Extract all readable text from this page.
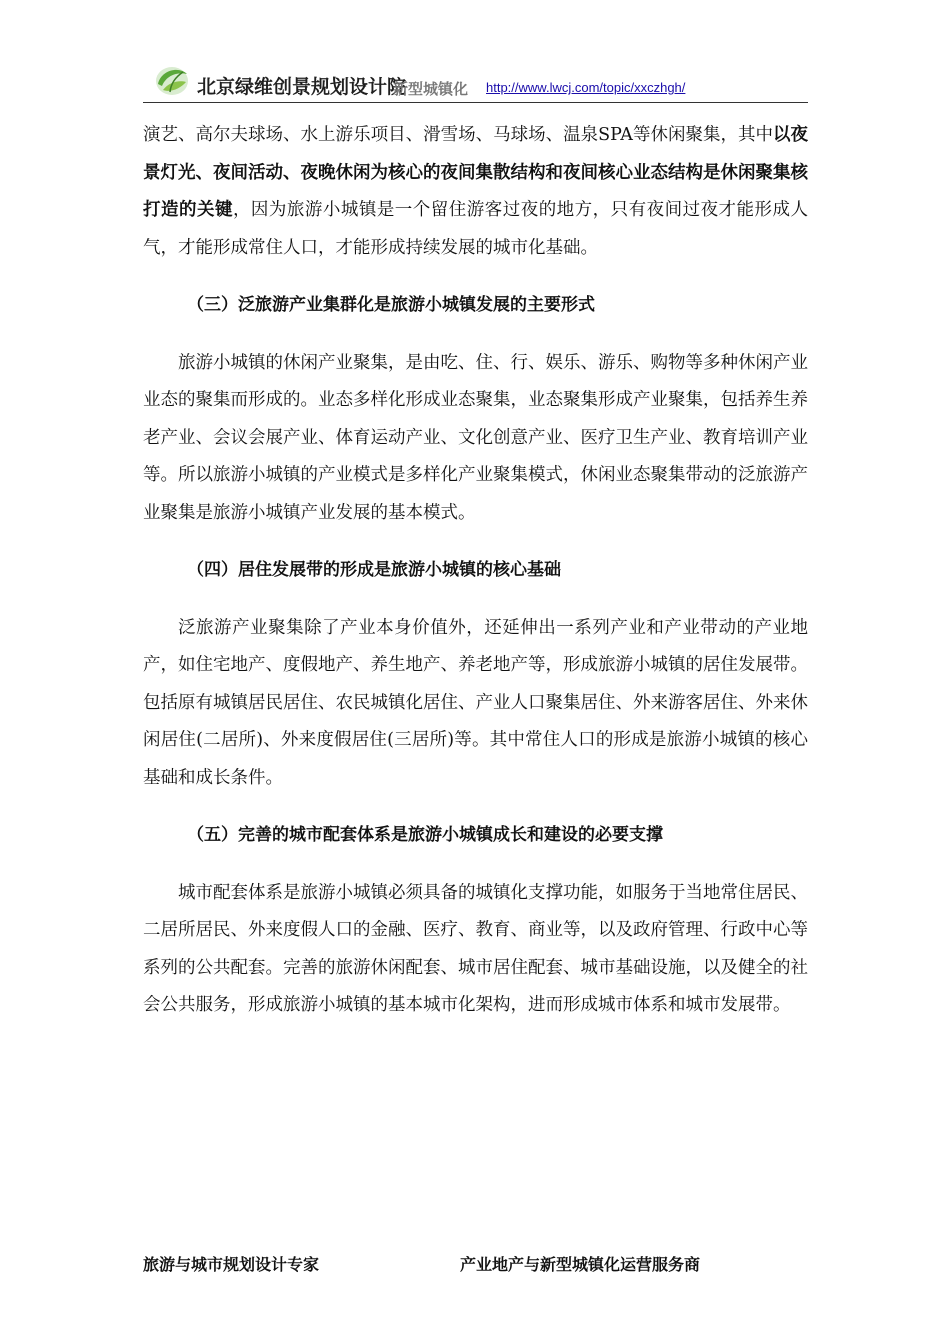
北京绿维创景规划设计院
新型城镇化 http://www.lwcj.com/topic/xxczhgh/

演艺、高尔夫球场、水上游乐项目、滑雪场、马球场、温泉SPA等休闲聚集，其中以夜景灯光、夜间活动、夜晚休闲为核心的夜间集散结构和夜间核心业态结构是休闲聚集核打造的关键，因为旅游小城镇是一个留住游客过夜的地方，只有夜间过夜才能形成人气，才能形成常住人口，才能形成持续发展的城市化基础。

（三）泛旅游产业集群化是旅游小城镇发展的主要形式

旅游小城镇的休闲产业聚集，是由吃、住、行、娱乐、游乐、购物等多种休闲产业业态的聚集而形成的。业态多样化形成业态聚集，业态聚集形成产业聚集，包括养生养老产业、会议会展产业、体育运动产业、文化创意产业、医疗卫生产业、教育培训产业等。所以旅游小城镇的产业模式是多样化产业聚集模式，休闲业态聚集带动的泛旅游产业聚集是旅游小城镇产业发展的基本模式。

（四）居住发展带的形成是旅游小城镇的核心基础

泛旅游产业聚集除了产业本身价值外，还延伸出一系列产业和产业带动的产业地产，如住宅地产、度假地产、养生地产、养老地产等，形成旅游小城镇的居住发展带。包括原有城镇居民居住、农民城镇化居住、产业人口聚集居住、外来游客居住、外来休闲居住(二居所)、外来度假居住(三居所)等。其中常住人口的形成是旅游小城镇的核心基础和成长条件。

（五）完善的城市配套体系是旅游小城镇成长和建设的必要支撑

城市配套体系是旅游小城镇必须具备的城镇化支撑功能，如服务于当地常住居民、二居所居民、外来度假人口的金融、医疗、教育、商业等，以及政府管理、行政中心等系列的公共配套。完善的旅游休闲配套、城市居住配套、城市基础设施，以及健全的社会公共服务，形成旅游小城镇的基本城市化架构，进而形成城市体系和城市发展带。

旅游与城市规划设计专家	产业地产与新型城镇化运营服务商
